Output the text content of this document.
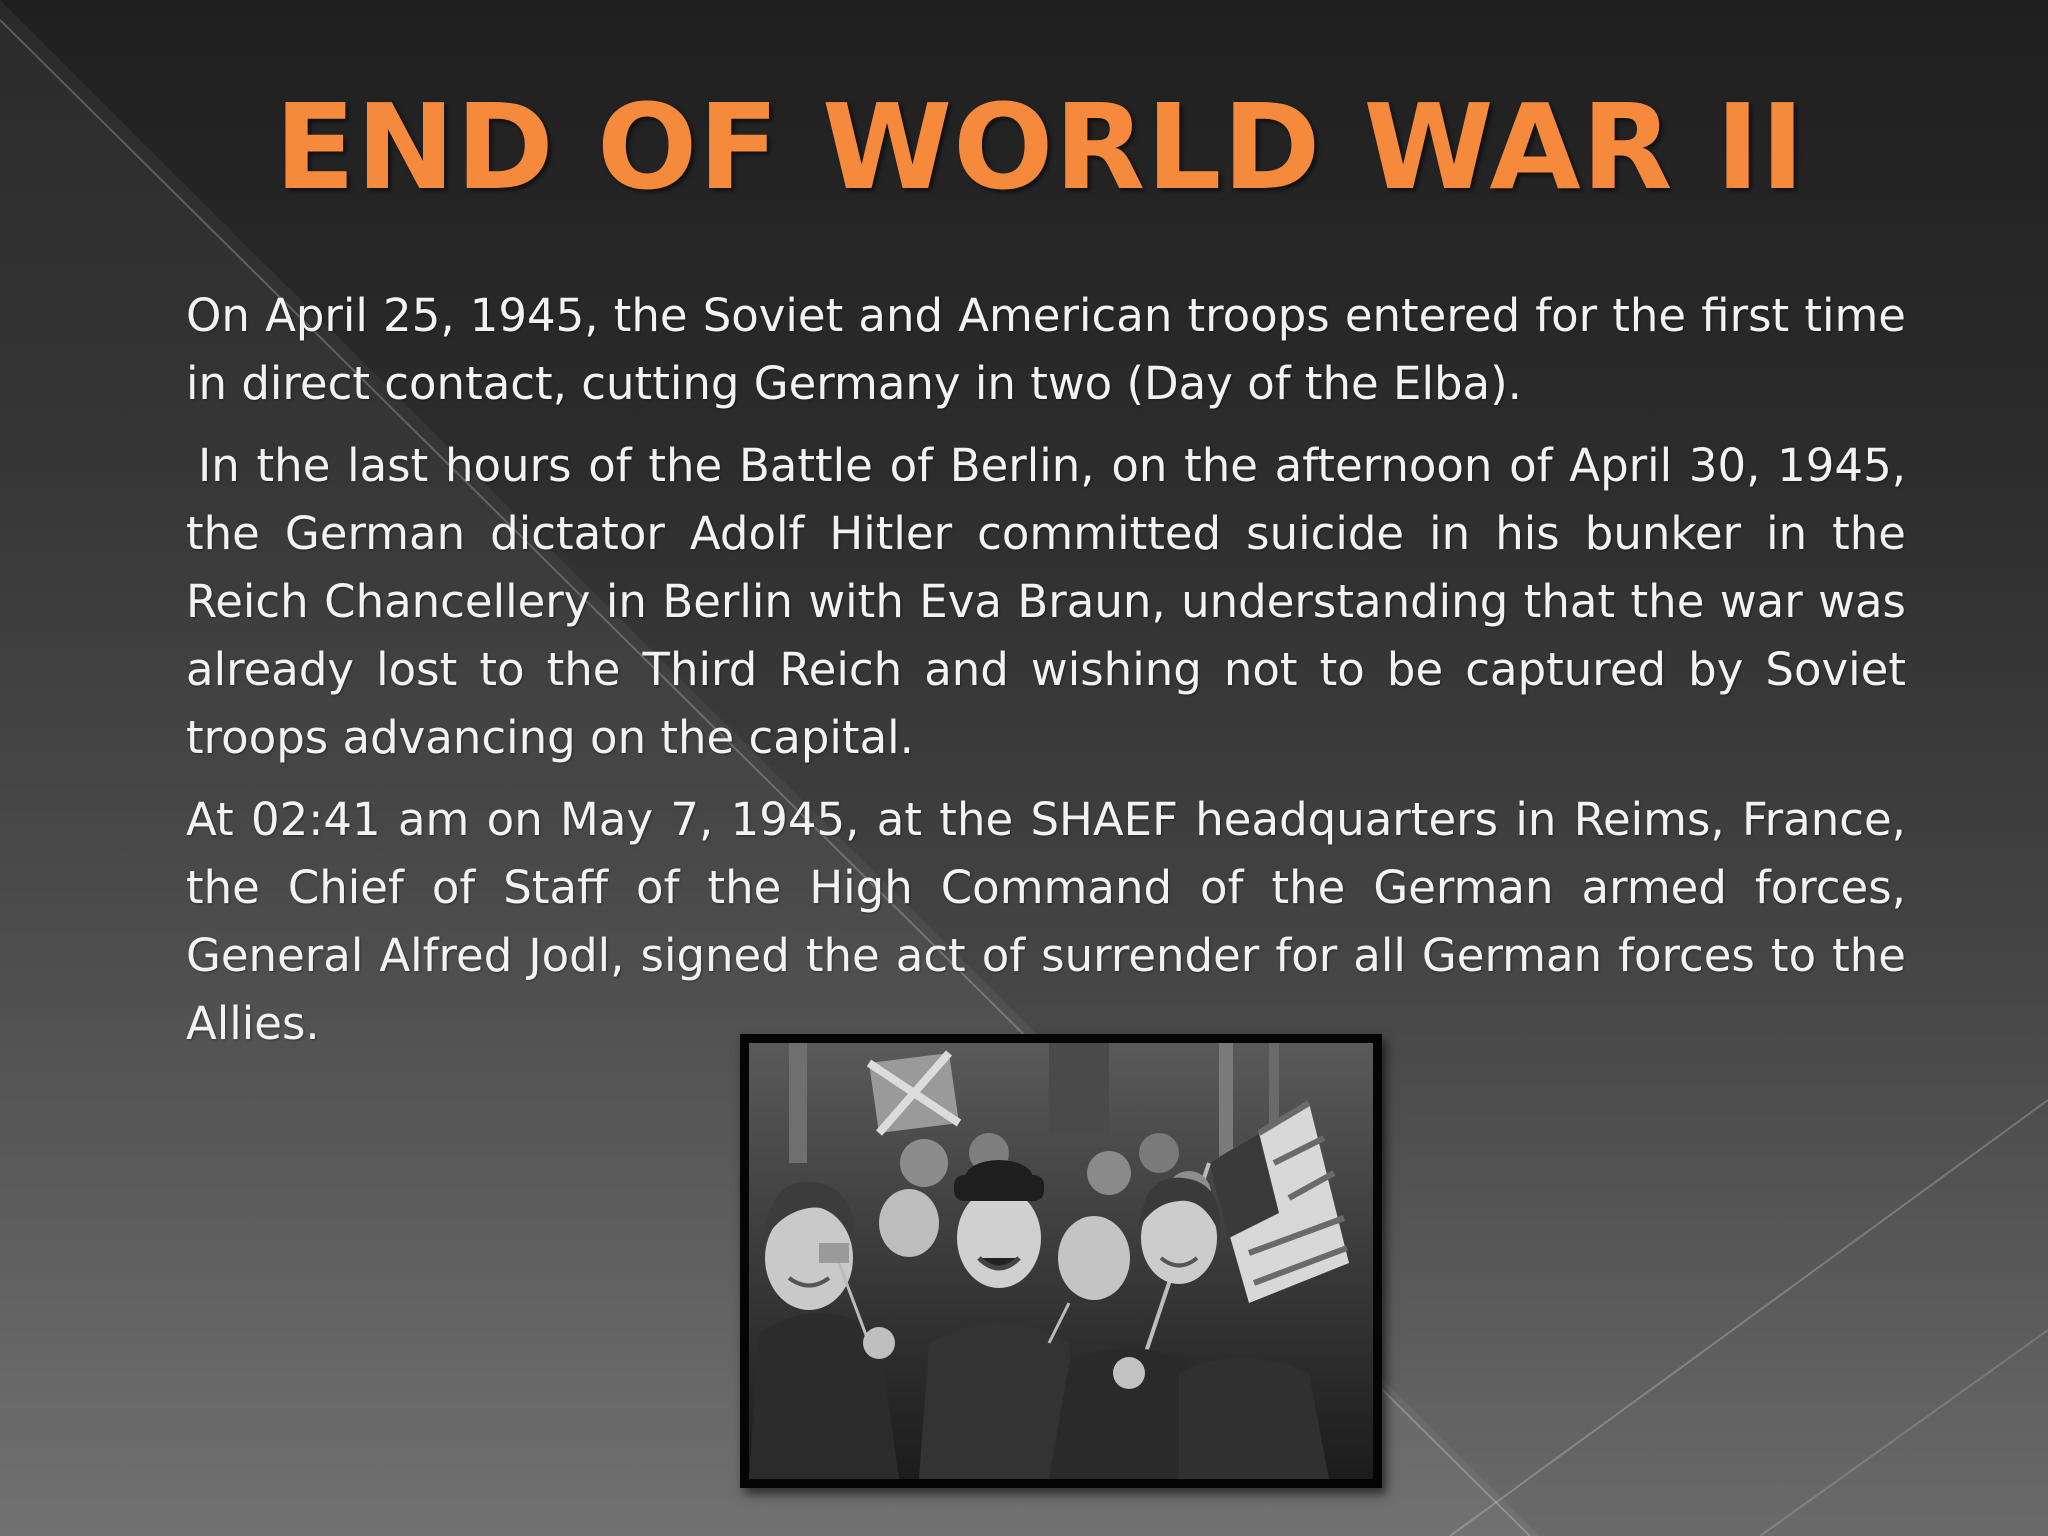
END OF WORLD WAR II

On April 25, 1945, the Soviet and American troops entered for the first time in direct contact, cutting Germany in two (Day of the Elba).

In the last hours of the Battle of Berlin, on the afternoon of April 30, 1945, the German dictator Adolf Hitler committed suicide in his bunker in the Reich Chancellery in Berlin with Eva Braun, understanding that the war was already lost to the Third Reich and wishing not to be captured by Soviet troops advancing on the capital.

At 02:41 am on May 7, 1945, at the SHAEF headquarters in Reims, France, the Chief of Staff of the High Command of the German armed forces, General Alfred Jodl, signed the act of surrender for all German forces to the Allies.
